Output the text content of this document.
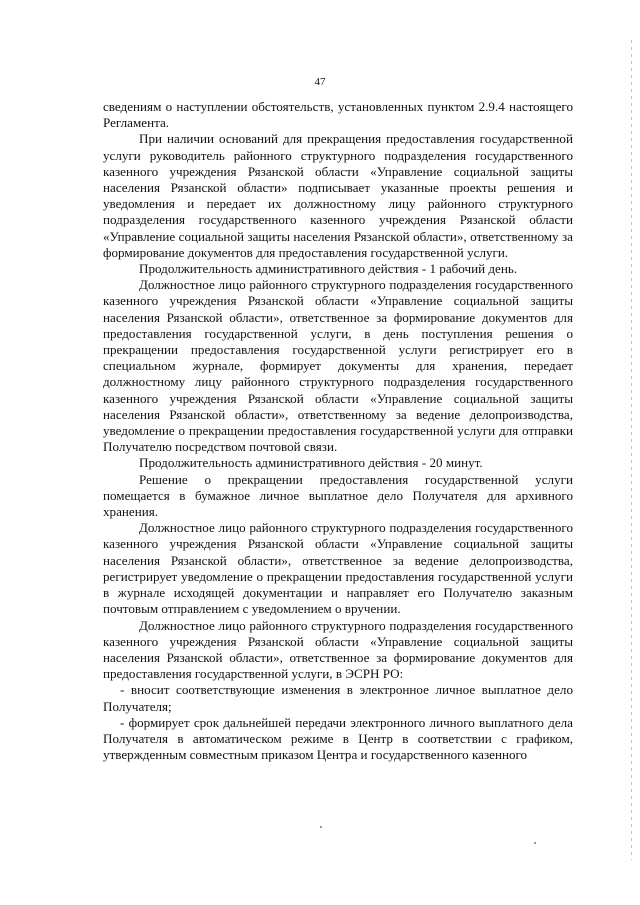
47

сведениям о наступлении обстоятельств, установленных пунктом 2.9.4 настоящего Регламента.

При наличии оснований для прекращения предоставления государственной услуги руководитель районного структурного подразделения государственного казенного учреждения Рязанской области «Управление социальной защиты населения Рязанской области» подписывает указанные проекты решения и уведомления и передает их должностному лицу районного структурного подразделения государственного казенного учреждения Рязанской области «Управление социальной защиты населения Рязанской области», ответственному за формирование документов для предоставления государственной услуги.

Продолжительность административного действия - 1 рабочий день.

Должностное лицо районного структурного подразделения государственного казенного учреждения Рязанской области «Управление социальной защиты населения Рязанской области», ответственное за формирование документов для предоставления государственной услуги, в день поступления решения о прекращении предоставления государственной услуги регистрирует его в специальном журнале, формирует документы для хранения, передает должностному лицу районного структурного подразделения государственного казенного учреждения Рязанской области «Управление социальной защиты населения Рязанской области», ответственному за ведение делопроизводства, уведомление о прекращении предоставления государственной услуги для отправки Получателю посредством почтовой связи.

Продолжительность административного действия - 20 минут.

Решение о прекращении предоставления государственной услуги помещается в бумажное личное выплатное дело Получателя для архивного хранения.

Должностное лицо районного структурного подразделения государственного казенного учреждения Рязанской области «Управление социальной защиты населения Рязанской области», ответственное за ведение делопроизводства, регистрирует уведомление о прекращении предоставления государственной услуги в журнале исходящей документации и направляет его Получателю заказным почтовым отправлением с уведомлением о вручении.

Должностное лицо районного структурного подразделения государственного казенного учреждения Рязанской области «Управление социальной защиты населения Рязанской области», ответственное за формирование документов для предоставления государственной услуги, в ЭСРН РО:

- вносит соответствующие изменения в электронное личное выплатное дело Получателя;

- формирует срок дальнейшей передачи электронного личного выплатного дела Получателя в автоматическом режиме в Центр в соответствии с графиком, утвержденным совместным приказом Центра и государственного казенного
